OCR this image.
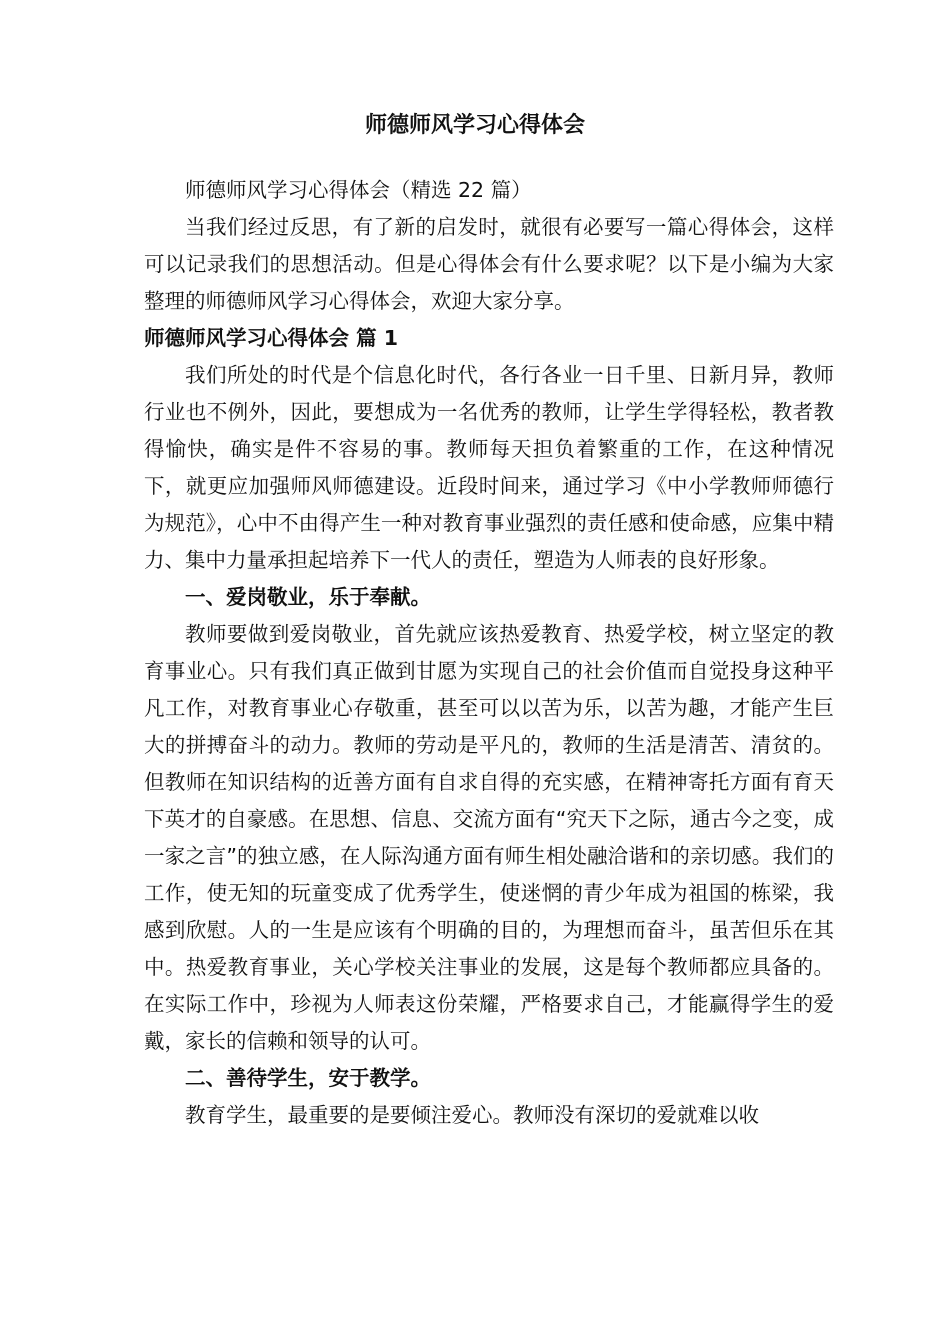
师德师风学习心得体会

师德师风学习心得体会（精选 22 篇）

当我们经过反思，有了新的启发时，就很有必要写一篇心得体会，这样可以记录我们的思想活动。但是心得体会有什么要求呢？以下是小编为大家整理的师德师风学习心得体会，欢迎大家分享。

师德师风学习心得体会 篇 1

我们所处的时代是个信息化时代，各行各业一日千里、日新月异，教师行业也不例外，因此，要想成为一名优秀的教师，让学生学得轻松，教者教得愉快，确实是件不容易的事。教师每天担负着繁重的工作，在这种情况下，就更应加强师风师德建设。近段时间来，通过学习《中小学教师师德行为规范》，心中不由得产生一种对教育事业强烈的责任感和使命感，应集中精力、集中力量承担起培养下一代人的责任，塑造为人师表的良好形象。

一、爱岗敬业，乐于奉献。

教师要做到爱岗敬业，首先就应该热爱教育、热爱学校，树立坚定的教育事业心。只有我们真正做到甘愿为实现自己的社会价值而自觉投身这种平凡工作，对教育事业心存敬重，甚至可以以苦为乐，以苦为趣，才能产生巨大的拼搏奋斗的动力。教师的劳动是平凡的，教师的生活是清苦、清贫的。但教师在知识结构的近善方面有自求自得的充实感，在精神寄托方面有育天下英才的自豪感。在思想、信息、交流方面有“究天下之际，通古今之变，成一家之言”的独立感，在人际沟通方面有师生相处融洽谐和的亲切感。我们的工作，使无知的玩童变成了优秀学生，使迷惘的青少年成为祖国的栋梁，我感到欣慰。人的一生是应该有个明确的目的，为理想而奋斗，虽苦但乐在其中。热爱教育事业，关心学校关注事业的发展，这是每个教师都应具备的。在实际工作中，珍视为人师表这份荣耀，严格要求自己，才能赢得学生的爱戴，家长的信赖和领导的认可。

二、善待学生，安于教学。

教育学生，最重要的是要倾注爱心。教师没有深切的爱就难以收
